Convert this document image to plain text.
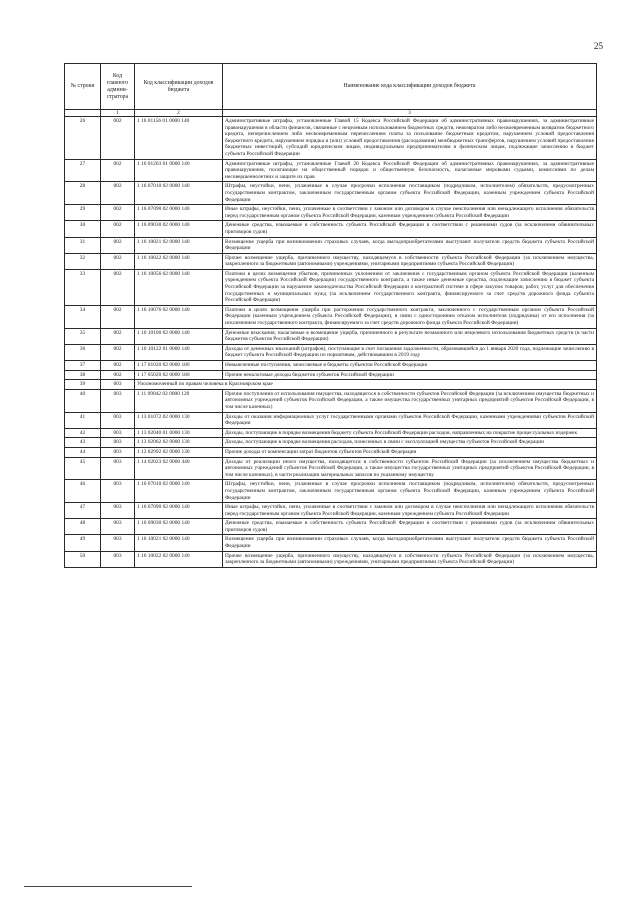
25
№ строки	Код главного админи-стратора	Код классификации доходов бюджета	Наименование кода классификации доходов бюджета
	1	2	3
26	002	1 16 01156 01 0000 140	Административные штрафы, установленные Главой 15 Кодекса Российской Федерации об административных правонарушениях, за административные правонарушения в области финансов, связанные с нецелевым использованием бюджетных средств, невозвратом либо несвоевременным возвратом бюджетного кредита, неперечислением либо несвоевременным перечислением платы за пользование бюджетным кредитом, нарушением условий предоставления бюджетного кредита, нарушением порядка и (или) условий предоставления (расходования) межбюджетных трансфертов, нарушением условий предоставления бюджетных инвестиций, субсидий юридическим лицам, индивидуальным предпринимателям и физическим лицам, подлежащие зачислению в бюджет субъекта Российской Федерации
27	002	1 16 01203 01 0000 140	Административные штрафы, установленные Главой 20 Кодекса Российской Федерации об административных правонарушениях, за административные правонарушения, посягающие на общественный порядок и общественную безопасность, налагаемые мировыми судьями, комиссиями по делам несовершеннолетних и защите их прав
28	002	1 16 07010 02 0000 140	Штрафы, неустойки, пени, уплаченные в случае просрочки исполнения поставщиком (подрядчиком, исполнителем) обязательств, предусмотренных государственным контрактом, заключенным государственным органом субъекта Российской Федерации, казенным учреждением субъекта Российской Федерации
29	002	1 16 07090 02 0000 140	Иные штрафы, неустойки, пени, уплаченные в соответствии с законом или договором в случае неисполнения или ненадлежащего исполнения обязательств перед государственным органом субъекта Российской Федерации, казенным учреждением субъекта Российской Федерации
30	002	1 16 09030 02 0000 140	Денежные средства, изымаемые в собственность субъекта Российской Федерации в соответствии с решениями судов (за исключением обвинительных приговоров судов)
31	002	1 16 10021 02 0000 140	Возмещение ущерба при возникновении страховых случаев, когда выгодоприобретателями выступают получатели средств бюджета субъекта Российской Федерации
32	002	1 16 10022 02 0000 140	Прочее возмещение ущерба, причиненного имуществу, находящемуся в собственности субъекта Российской Федерации (за исключением имущества, закрепленного за бюджетными (автономными) учреждениями, унитарными предприятиями субъекта Российской Федерации)
33	002	1 16 10056 02 0000 140	Платежи в целях возмещения убытков, причиненных уклонением от заключения с государственным органом субъекта Российской Федерации (казенным учреждением субъекта Российской Федерации) государственного контракта, а также иные денежные средства, подлежащие зачислению в бюджет субъекта Российской Федерации за нарушение законодательства Российской Федерации о контрактной системе в сфере закупок товаров, работ, услуг для обеспечения государственных и муниципальных нужд (за исключением государственного контракта, финансируемого за счет средств дорожного фонда субъекта Российской Федерации)
34	002	1 16 10076 02 0000 140	Платежи в целях возмещения ущерба при расторжении государственного контракта, заключенного с государственным органом субъекта Российской Федерации (казенным учреждением субъекта Российской Федерации), в связи с односторонним отказом исполнителя (подрядчика) от его исполнения (за исключением государственного контракта, финансируемого за счет средств дорожного фонда субъекта Российской Федерации)
35	002	1 16 10100 02 0000 140	Денежные взыскания, налагаемые в возмещение ущерба, причиненного в результате незаконного или нецелевого использования бюджетных средств (в части бюджетов субъектов Российской Федерации)
36	002	1 16 10122 01 0000 140	Доходы от денежных взысканий (штрафов), поступающие в счет погашения задолженности, образовавшейся до 1 января 2020 года, подлежащие зачислению в бюджет субъекта Российской Федерации по нормативам, действовавшим в 2019 году
37	002	1 17 01020 02 0000 180	Невыясненные поступления, зачисляемые в бюджеты субъектов Российской Федерации
38	002	1 17 05020 02 0000 180	Прочие неналоговые доходы бюджетов субъектов Российской Федерации
39	003	Уполномоченный по правам человека в Красноярском крае	
40	003	1 11 09042 02 0000 120	Прочие поступления от использования имущества, находящегося в собственности субъектов Российской Федерации (за исключением имущества бюджетных и автономных учреждений субъектов Российской Федерации, а также имущества государственных унитарных предприятий субъектов Российской Федерации, в том числе казенных)
41	003	1 13 01072 02 0000 130	Доходы от оказания информационных услуг государственными органами субъектов Российской Федерации, казенными учреждениями субъектов Российской Федерации
42	003	1 13 02040 01 0000 130	Доходы, поступающие в порядке возмещения бюджету субъекта Российской Федерации расходов, направленных на покрытие процессуальных издержек
43	003	1 13 02062 02 0000 130	Доходы, поступающие в порядке возмещения расходов, понесенных в связи с эксплуатацией имущества субъектов Российской Федерации
44	003	1 13 02992 02 0000 130	Прочие доходы от компенсации затрат бюджетов субъектов Российской Федерации
45	003	1 14 02023 02 0000 440	Доходы от реализации иного имущества, находящегося в собственности субъектов Российской Федерации (за исключением имущества бюджетных и автономных учреждений субъектов Российской Федерации, а также имущества государственных унитарных предприятий субъектов Российской Федерации, в том числе казенных), в части реализации материальных запасов по указанному имуществу
46	003	1 16 07010 02 0000 140	Штрафы, неустойки, пени, уплаченные в случае просрочки исполнения поставщиком (подрядчиком, исполнителем) обязательств, предусмотренных государственным контрактом, заключенным государственным органом субъекта Российской Федерации, казенным учреждением субъекта Российской Федерации
47	003	1 16 07090 02 0000 140	Иные штрафы, неустойки, пени, уплаченные в соответствии с законом или договором в случае неисполнения или ненадлежащего исполнения обязательств перед государственным органом субъекта Российской Федерации, казенным учреждением субъекта Российской Федерации
48	003	1 16 09030 02 0000 140	Денежные средства, изымаемые в собственность субъекта Российской Федерации в соответствии с решениями судов (за исключением обвинительных приговоров судов)
49	003	1 16 10021 02 0000 140	Возмещение ущерба при возникновении страховых случаев, когда выгодоприобретателями выступают получатели средств бюджета субъекта Российской Федерации
50	003	1 16 10022 02 0000 140	Прочее возмещение ущерба, причиненного имуществу, находящемуся в собственности субъекта Российской Федерации (за исключением имущества, закрепленного за бюджетными (автономными) учреждениями, унитарными предприятиями субъекта Российской Федерации)
